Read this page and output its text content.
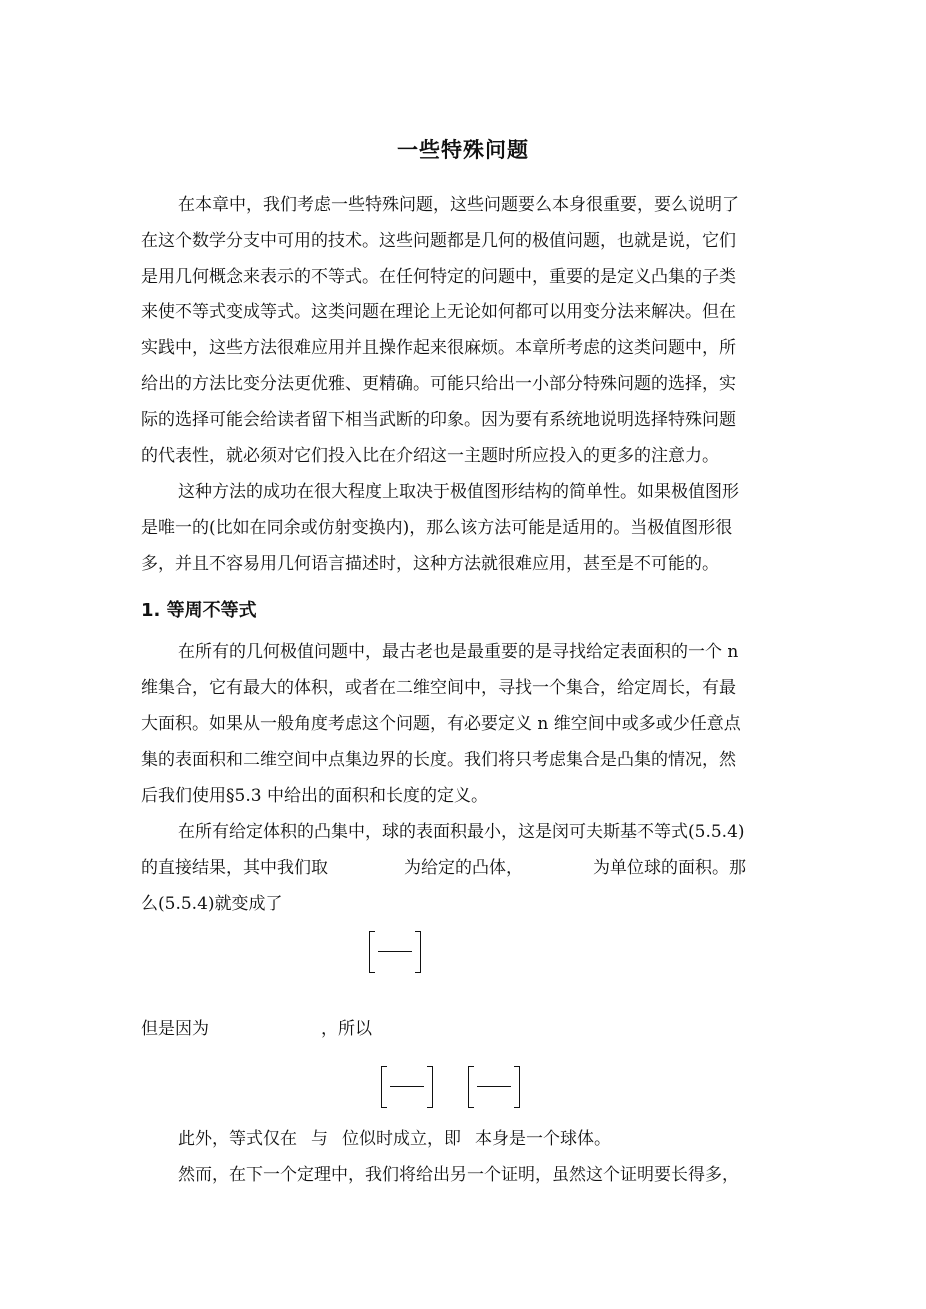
一些特殊问题
在本章中，我们考虑一些特殊问题，这些问题要么本身很重要，要么说明了
在这个数学分支中可用的技术。这些问题都是几何的极值问题，也就是说，它们
是用几何概念来表示的不等式。在任何特定的问题中，重要的是定义凸集的子类
来使不等式变成等式。这类问题在理论上无论如何都可以用变分法来解决。但在
实践中，这些方法很难应用并且操作起来很麻烦。本章所考虑的这类问题中，所
给出的方法比变分法更优雅、更精确。可能只给出一小部分特殊问题的选择，实
际的选择可能会给读者留下相当武断的印象。因为要有系统地说明选择特殊问题
的代表性，就必须对它们投入比在介绍这一主题时所应投入的更多的注意力。
这种方法的成功在很大程度上取决于极值图形结构的简单性。如果极值图形
是唯一的(比如在同余或仿射变换内)，那么该方法可能是适用的。当极值图形很
多，并且不容易用几何语言描述时，这种方法就很难应用，甚至是不可能的。
1. 等周不等式
在所有的几何极值问题中，最古老也是最重要的是寻找给定表面积的一个 n
维集合，它有最大的体积，或者在二维空间中，寻找一个集合，给定周长，有最
大面积。如果从一般角度考虑这个问题，有必要定义 n 维空间中或多或少任意点
集的表面积和二维空间中点集边界的长度。我们将只考虑集合是凸集的情况，然
后我们使用§5.3 中给出的面积和长度的定义。
在所有给定体积的凸集中，球的表面积最小，这是闵可夫斯基不等式(5.5.4)
的直接结果，其中我们取	为给定的凸体，	为单位球的面积。那
么(5.5.4)就变成了
但是因为	，所以
此外，等式仅在 与 位似时成立，即 本身是一个球体。
然而，在下一个定理中，我们将给出另一个证明，虽然这个证明要长得多，
